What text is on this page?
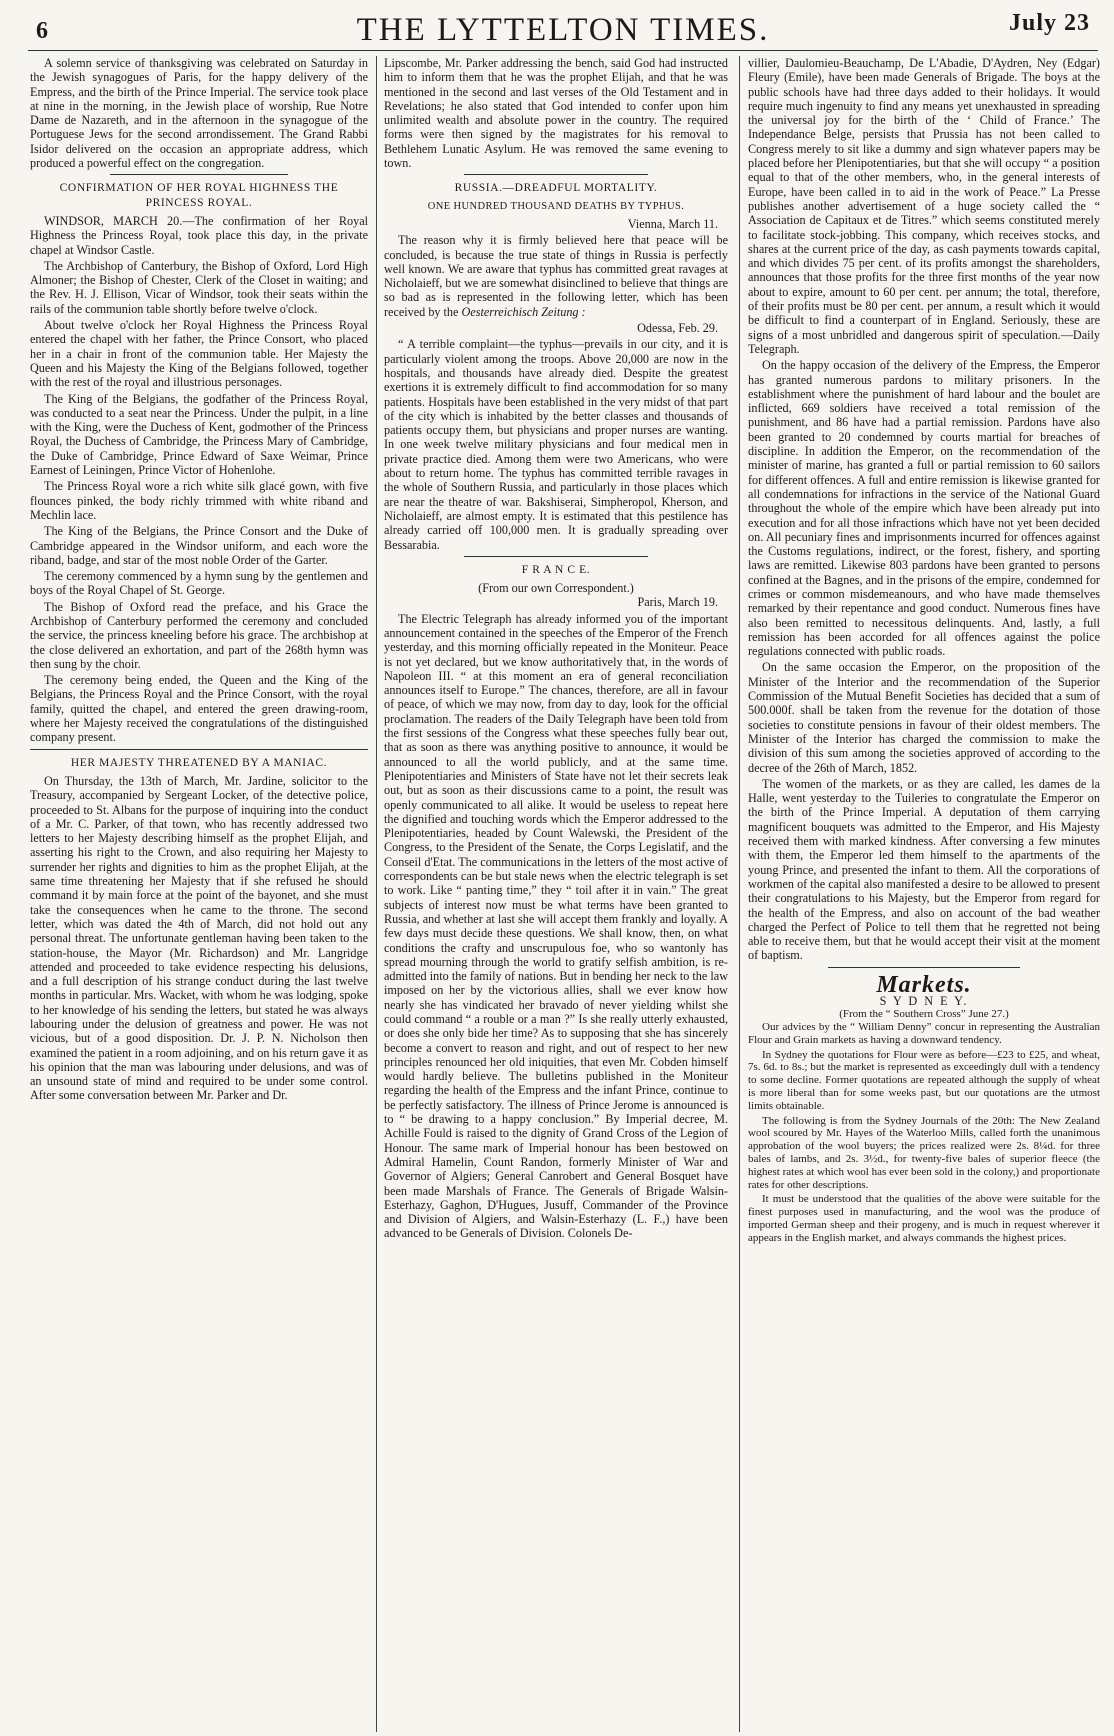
6	THE LYTTELTON TIMES.	July 23

A solemn service of thanksgiving was celebrated on Saturday in the Jewish synagogues of Paris, for the happy delivery of the Empress, and the birth of the Prince Imperial. The service took place at nine in the morning, in the Jewish place of worship, Rue Notre Dame de Nazareth, and in the afternoon in the synagogue of the Portuguese Jews for the second arrondissement. The Grand Rabbi Isidor delivered on the occasion an appropriate address, which produced a powerful effect on the congregation.

CONFIRMATION OF HER ROYAL HIGHNESS THE PRINCESS ROYAL.

WINDSOR, MARCH 20.—The confirmation of her Royal Highness the Princess Royal, took place this day, in the private chapel at Windsor Castle.

The Archbishop of Canterbury, the Bishop of Oxford, Lord High Almoner; the Bishop of Chester, Clerk of the Closet in waiting; and the Rev. H. J. Ellison, Vicar of Windsor, took their seats within the rails of the communion table shortly before twelve o'clock.

About twelve o'clock her Royal Highness the Princess Royal entered the chapel with her father, the Prince Consort, who placed her in a chair in front of the communion table. Her Majesty the Queen and his Majesty the King of the Belgians followed, together with the rest of the royal and illustrious personages.

The King of the Belgians, the godfather of the Princess Royal, was conducted to a seat near the Princess. Under the pulpit, in a line with the King, were the Duchess of Kent, godmother of the Princess Royal, the Duchess of Cambridge, the Princess Mary of Cambridge, the Duke of Cambridge, Prince Edward of Saxe Weimar, Prince Earnest of Leiningen, Prince Victor of Hohenlohe.

The Princess Royal wore a rich white silk glacé gown, with five flounces pinked, the body richly trimmed with white riband and Mechlin lace.

The King of the Belgians, the Prince Consort and the Duke of Cambridge appeared in the Windsor uniform, and each wore the riband, badge, and star of the most noble Order of the Garter.

The ceremony commenced by a hymn sung by the gentlemen and boys of the Royal Chapel of St. George.

The Bishop of Oxford read the preface, and his Grace the Archbishop of Canterbury performed the ceremony and concluded the service, the princess kneeling before his grace. The archbishop at the close delivered an exhortation, and part of the 268th hymn was then sung by the choir.

The ceremony being ended, the Queen and the King of the Belgians, the Princess Royal and the Prince Consort, with the royal family, quitted the chapel, and entered the green drawing-room, where her Majesty received the congratulations of the distinguished company present.

HER MAJESTY THREATENED BY A MANIAC.

On Thursday, the 13th of March, Mr. Jardine, solicitor to the Treasury, accompanied by Sergeant Locker, of the detective police, proceeded to St. Albans for the purpose of inquiring into the conduct of a Mr. C. Parker, of that town, who has recently addressed two letters to her Majesty describing himself as the prophet Elijah, and asserting his right to the Crown, and also requiring her Majesty to surrender her rights and dignities to him as the prophet Elijah, at the same time threatening her Majesty that if she refused he should command it by main force at the point of the bayonet, and she must take the consequences when he came to the throne. The second letter, which was dated the 4th of March, did not hold out any personal threat. The unfortunate gentleman having been taken to the station-house, the Mayor (Mr. Richardson) and Mr. Langridge attended and proceeded to take evidence respecting his delusions, and a full description of his strange conduct during the last twelve months in particular. Mrs. Wacket, with whom he was lodging, spoke to her knowledge of his sending the letters, but stated he was always labouring under the delusion of greatness and power. He was not vicious, but of a good disposition. Dr. J. P. N. Nicholson then examined the patient in a room adjoining, and on his return gave it as his opinion that the man was labouring under delusions, and was of an unsound state of mind and required to be under some control. After some conversation between Mr. Parker and Dr.

Lipscombe, Mr. Parker addressing the bench, said God had instructed him to inform them that he was the prophet Elijah, and that he was mentioned in the second and last verses of the Old Testament and in Revelations; he also stated that God intended to confer upon him unlimited wealth and absolute power in the country. The required forms were then signed by the magistrates for his removal to Bethlehem Lunatic Asylum. He was removed the same evening to town.

RUSSIA.—DREADFUL MORTALITY.
ONE HUNDRED THOUSAND DEATHS BY TYPHUS.

Vienna, March 11.

The reason why it is firmly believed here that peace will be concluded, is because the true state of things in Russia is perfectly well known. We are aware that typhus has committed great ravages at Nicholaieff, but we are somewhat disinclined to believe that things are so bad as is represented in the following letter, which has been received by the Oesterreichisch Zeitung :

Odessa, Feb. 29.

“ A terrible complaint—the typhus—prevails in our city, and it is particularly violent among the troops. Above 20,000 are now in the hospitals, and thousands have already died. Despite the greatest exertions it is extremely difficult to find accommodation for so many patients. Hospitals have been established in the very midst of that part of the city which is inhabited by the better classes and thousands of patients occupy them, but physicians and proper nurses are wanting. In one week twelve military physicians and four medical men in private practice died. Among them were two Americans, who were about to return home. The typhus has committed terrible ravages in the whole of Southern Russia, and particularly in those places which are near the theatre of war. Bakshiserai, Simpheropol, Kherson, and Nicholaieff, are almost empty. It is estimated that this pestilence has already carried off 100,000 men. It is gradually spreading over Bessarabia.

F R A N C E.
(From our own Correspondent.)

Paris, March 19.

The Electric Telegraph has already informed you of the important announcement contained in the speeches of the Emperor of the French yesterday, and this morning officially repeated in the Moniteur. Peace is not yet declared, but we know authoritatively that, in the words of Napoleon III. “ at this moment an era of general reconciliation announces itself to Europe.” The chances, therefore, are all in favour of peace, of which we may now, from day to day, look for the official proclamation. The readers of the Daily Telegraph have been told from the first sessions of the Congress what these speeches fully bear out, that as soon as there was anything positive to announce, it would be announced to all the world publicly, and at the same time. Plenipotentiaries and Ministers of State have not let their secrets leak out, but as soon as their discussions came to a point, the result was openly communicated to all alike. It would be useless to repeat here the dignified and touching words which the Emperor addressed to the Plenipotentiaries, headed by Count Walewski, the President of the Congress, to the President of the Senate, the Corps Legislatif, and the Conseil d'Etat. The communications in the letters of the most active of correspondents can be but stale news when the electric telegraph is set to work. Like “ panting time,” they “ toil after it in vain.” The great subjects of interest now must be what terms have been granted to Russia, and whether at last she will accept them frankly and loyally. A few days must decide these questions. We shall know, then, on what conditions the crafty and unscrupulous foe, who so wantonly has spread mourning through the world to gratify selfish ambition, is re-admitted into the family of nations. But in bending her neck to the law imposed on her by the victorious allies, shall we ever know how nearly she has vindicated her bravado of never yielding whilst she could command “ a rouble or a man ?” Is she really utterly exhausted, or does she only bide her time? As to supposing that she has sincerely become a convert to reason and right, and out of respect to her new principles renounced her old iniquities, that even Mr. Cobden himself would hardly believe. The bulletins published in the Moniteur regarding the health of the Empress and the infant Prince, continue to be perfectly satisfactory. The illness of Prince Jerome is announced is to “ be drawing to a happy conclusion.” By Imperial decree, M. Achille Fould is raised to the dignity of Grand Cross of the Legion of Honour. The same mark of Imperial honour has been bestowed on Admiral Hamelin, Count Randon, formerly Minister of War and Governor of Algiers; General Canrobert and General Bosquet have been made Marshals of France. The Generals of Brigade Walsin-Esterhazy, Gaghon, D'Hugues, Jusuff, Commander of the Province and Division of Algiers, and Walsin-Esterhazy (L. F.,) have been advanced to be Generals of Division. Colonels De-

villier, Daulomieu-Beauchamp, De L'Abadie, D'Aydren, Ney (Edgar) Fleury (Emile), have been made Generals of Brigade. The boys at the public schools have had three days added to their holidays. It would require much ingenuity to find any means yet unexhausted in spreading the universal joy for the birth of the ‘ Child of France.’ The Independance Belge, persists that Prussia has not been called to Congress merely to sit like a dummy and sign whatever papers may be placed before her Plenipotentiaries, but that she will occupy “ a position equal to that of the other members, who, in the general interests of Europe, have been called in to aid in the work of Peace.” La Presse publishes another advertisement of a huge society called the “ Association de Capitaux et de Titres.” which seems constituted merely to facilitate stock-jobbing. This company, which receives stocks, and shares at the current price of the day, as cash payments towards capital, and which divides 75 per cent. of its profits amongst the shareholders, announces that those profits for the three first months of the year now about to expire, amount to 60 per cent. per annum; the total, therefore, of their profits must be 80 per cent. per annum, a result which it would be difficult to find a counterpart of in England. Seriously, these are signs of a most unbridled and dangerous spirit of speculation.—Daily Telegraph.

On the happy occasion of the delivery of the Empress, the Emperor has granted numerous pardons to military prisoners. In the establishment where the punishment of hard labour and the boulet are inflicted, 669 soldiers have received a total remission of the punishment, and 86 have had a partial remission. Pardons have also been granted to 20 condemned by courts martial for breaches of discipline. In addition the Emperor, on the recommendation of the minister of marine, has granted a full or partial remission to 60 sailors for different offences. A full and entire remission is likewise granted for all condemnations for infractions in the service of the National Guard throughout the whole of the empire which have been already put into execution and for all those infractions which have not yet been decided on. All pecuniary fines and imprisonments incurred for offences against the Customs regulations, indirect, or the forest, fishery, and sporting laws are remitted. Likewise 803 pardons have been granted to persons confined at the Bagnes, and in the prisons of the empire, condemned for crimes or common misdemeanours, and who have made themselves remarked by their repentance and good conduct. Numerous fines have also been remitted to necessitous delinquents. And, lastly, a full remission has been accorded for all offences against the police regulations connected with public roads.

On the same occasion the Emperor, on the proposition of the Minister of the Interior and the recommendation of the Superior Commission of the Mutual Benefit Societies has decided that a sum of 500.000f. shall be taken from the revenue for the dotation of those societies to constitute pensions in favour of their oldest members. The Minister of the Interior has charged the commission to make the division of this sum among the societies approved of according to the decree of the 26th of March, 1852.

The women of the markets, or as they are called, les dames de la Halle, went yesterday to the Tuileries to congratulate the Emperor on the birth of the Prince Imperial. A deputation of them carrying magnificent bouquets was admitted to the Emperor, and His Majesty received them with marked kindness. After conversing a few minutes with them, the Emperor led them himself to the apartments of the young Prince, and presented the infant to them. All the corporations of workmen of the capital also manifested a desire to be allowed to present their congratulations to his Majesty, but the Emperor from regard for the health of the Empress, and also on account of the bad weather charged the Perfect of Police to tell them that he regretted not being able to receive them, but that he would accept their visit at the moment of baptism.

Markets.
S Y D N E Y.
(From the “ Southern Cross” June 27.)

Our advices by the “ William Denny” concur in representing the Australian Flour and Grain markets as having a downward tendency.

In Sydney the quotations for Flour were as before—£23 to £25, and wheat, 7s. 6d. to 8s.; but the market is represented as exceedingly dull with a tendency to some decline. Former quotations are repeated although the supply of wheat is more liberal than for some weeks past, but our quotations are the utmost limits obtainable.

The following is from the Sydney Journals of the 20th: The New Zealand wool scoured by Mr. Hayes of the Waterloo Mills, called forth the unanimous approbation of the wool buyers; the prices realized were 2s. 8¼d. for three bales of lambs, and 2s. 3½d., for twenty-five bales of superior fleece (the highest rates at which wool has ever been sold in the colony,) and proportionate rates for other descriptions.

It must be understood that the qualities of the above were suitable for the finest purposes used in manufacturing, and the wool was the produce of imported German sheep and their progeny, and is much in request wherever it appears in the English market, and always commands the highest prices.
